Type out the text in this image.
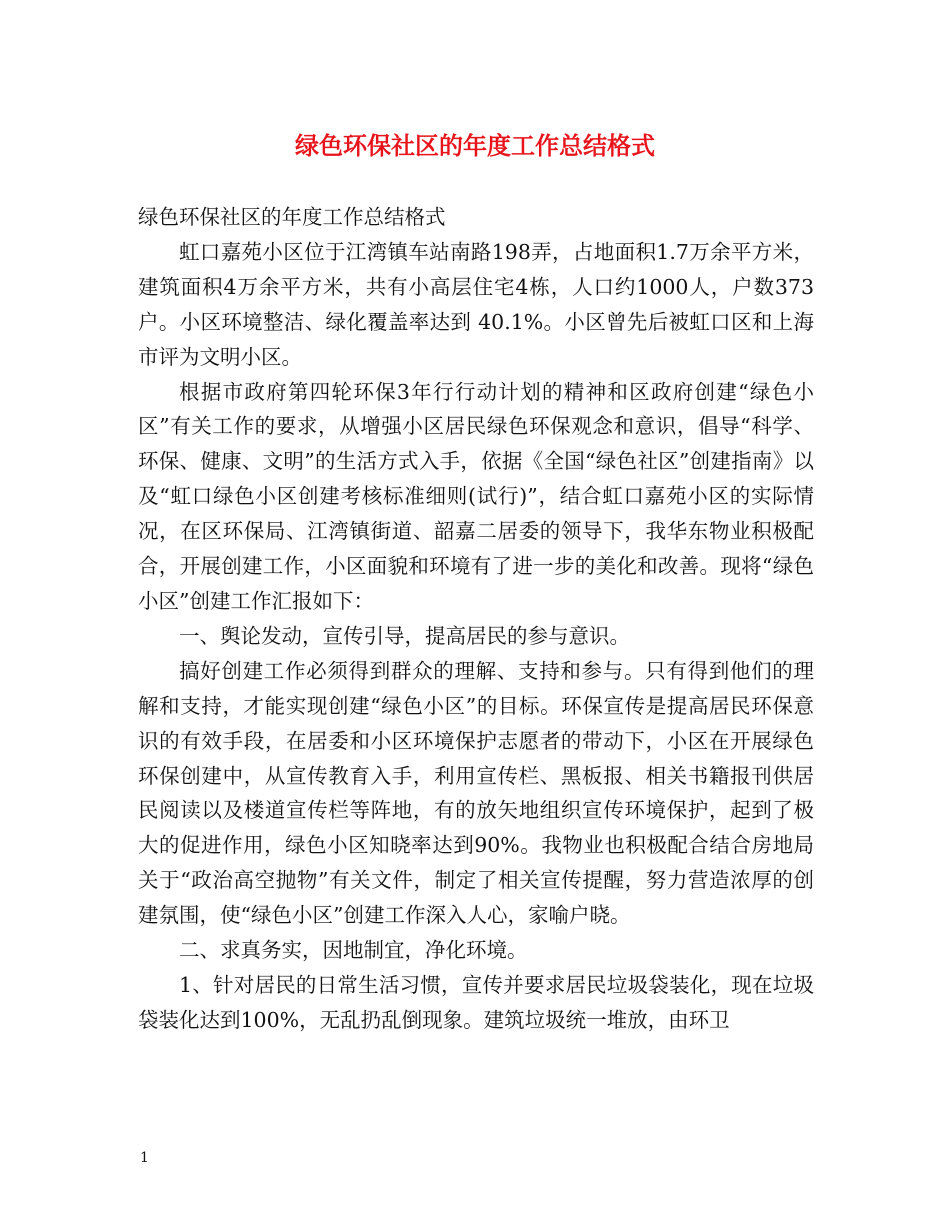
绿色环保社区的年度工作总结格式

绿色环保社区的年度工作总结格式

虹口嘉苑小区位于江湾镇车站南路198弄，占地面积1.7万余平方米，建筑面积4万余平方米，共有小高层住宅4栋，人口约1000人，户数373户。小区环境整洁、绿化覆盖率达到 40.1%。小区曾先后被虹口区和上海市评为文明小区。

根据市政府第四轮环保3年行行动计划的精神和区政府创建“绿色小区”有关工作的要求，从增强小区居民绿色环保观念和意识，倡导“科学、环保、健康、文明”的生活方式入手，依据《全国“绿色社区”创建指南》以及“虹口绿色小区创建考核标准细则(试行)”，结合虹口嘉苑小区的实际情况，在区环保局、江湾镇街道、韶嘉二居委的领导下，我华东物业积极配合，开展创建工作，小区面貌和环境有了进一步的美化和改善。现将“绿色小区”创建工作汇报如下：

一、舆论发动，宣传引导，提高居民的参与意识。

搞好创建工作必须得到群众的理解、支持和参与。只有得到他们的理解和支持，才能实现创建“绿色小区”的目标。环保宣传是提高居民环保意识的有效手段，在居委和小区环境保护志愿者的带动下，小区在开展绿色环保创建中，从宣传教育入手，利用宣传栏、黑板报、相关书籍报刊供居民阅读以及楼道宣传栏等阵地，有的放矢地组织宣传环境保护，起到了极大的促进作用，绿色小区知晓率达到90%。我物业也积极配合结合房地局关于“政治高空抛物”有关文件，制定了相关宣传提醒，努力营造浓厚的创建氛围，使“绿色小区”创建工作深入人心，家喻户晓。

二、求真务实，因地制宜，净化环境。

1、针对居民的日常生活习惯，宣传并要求居民垃圾袋装化，现在垃圾袋装化达到100%，无乱扔乱倒现象。建筑垃圾统一堆放，由环卫

1
